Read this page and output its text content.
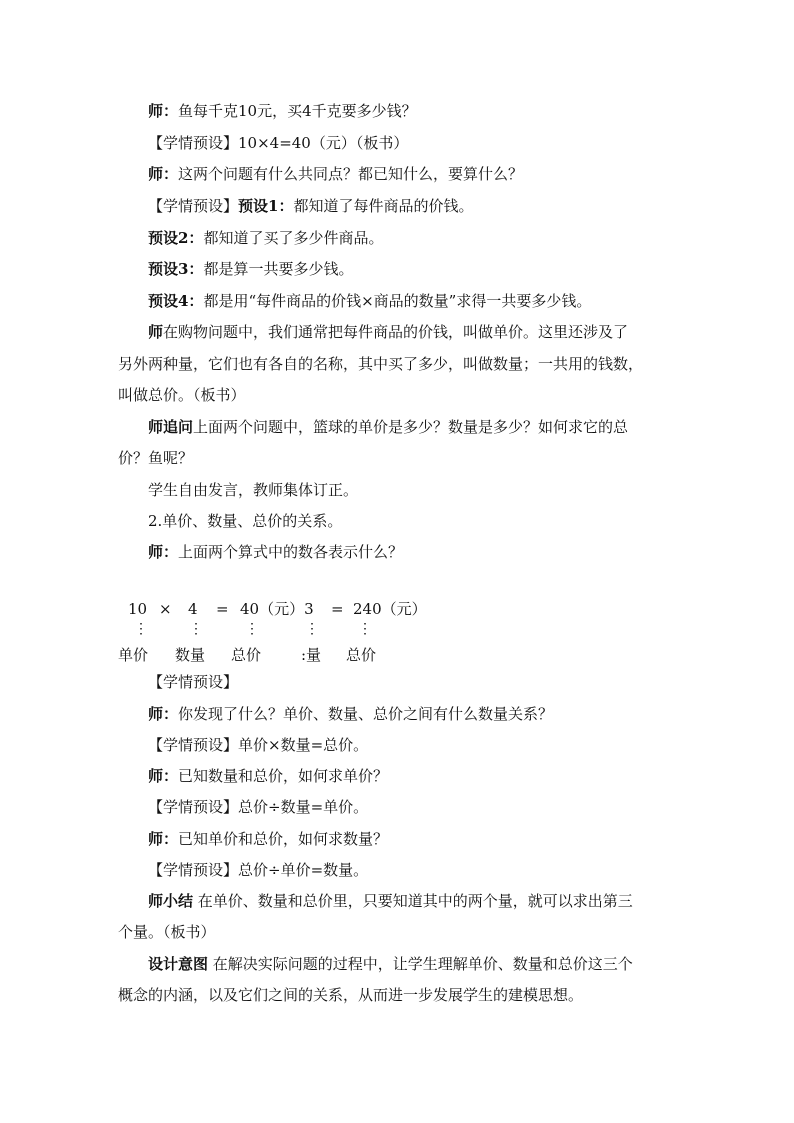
师：鱼每千克10元，买4千克要多少钱？
【学情预设】10×4=40（元）（板书）
师：这两个问题有什么共同点？都已知什么，要算什么？
【学情预设】预设1：都知道了每件商品的价钱。
预设2：都知道了买了多少件商品。
预设3：都是算一共要多少钱。
预设4：都是用“每件商品的价钱×商品的数量”求得一共要多少钱。
师在购物问题中，我们通常把每件商品的价钱，叫做单价。这里还涉及了
另外两种量，它们也有各自的名称，其中买了多少，叫做数量；一共用的钱数，
叫做总价。（板书）
师追问上面两个问题中，篮球的单价是多少？数量是多少？如何求它的总
价？鱼呢？
学生自由发言，教师集体订正。
2.单价、数量、总价的关系。
师：上面两个算式中的数各表示什么？
10 × 4 = 40（元）3 = 240（元）
⋮	⋮	⋮	⋮	⋮
单价 数量 总价	:量 总价
【学情预设】
师：你发现了什么？单价、数量、总价之间有什么数量关系？
【学情预设】单价×数量=总价。
师：已知数量和总价，如何求单价？
【学情预设】总价÷数量=单价。
师：已知单价和总价，如何求数量？
【学情预设】总价÷单价=数量。
师小结 在单价、数量和总价里，只要知道其中的两个量，就可以求出第三
个量。（板书）
设计意图 在解决实际问题的过程中，让学生理解单价、数量和总价这三个
概念的内涵，以及它们之间的关系，从而进一步发展学生的建模思想。
